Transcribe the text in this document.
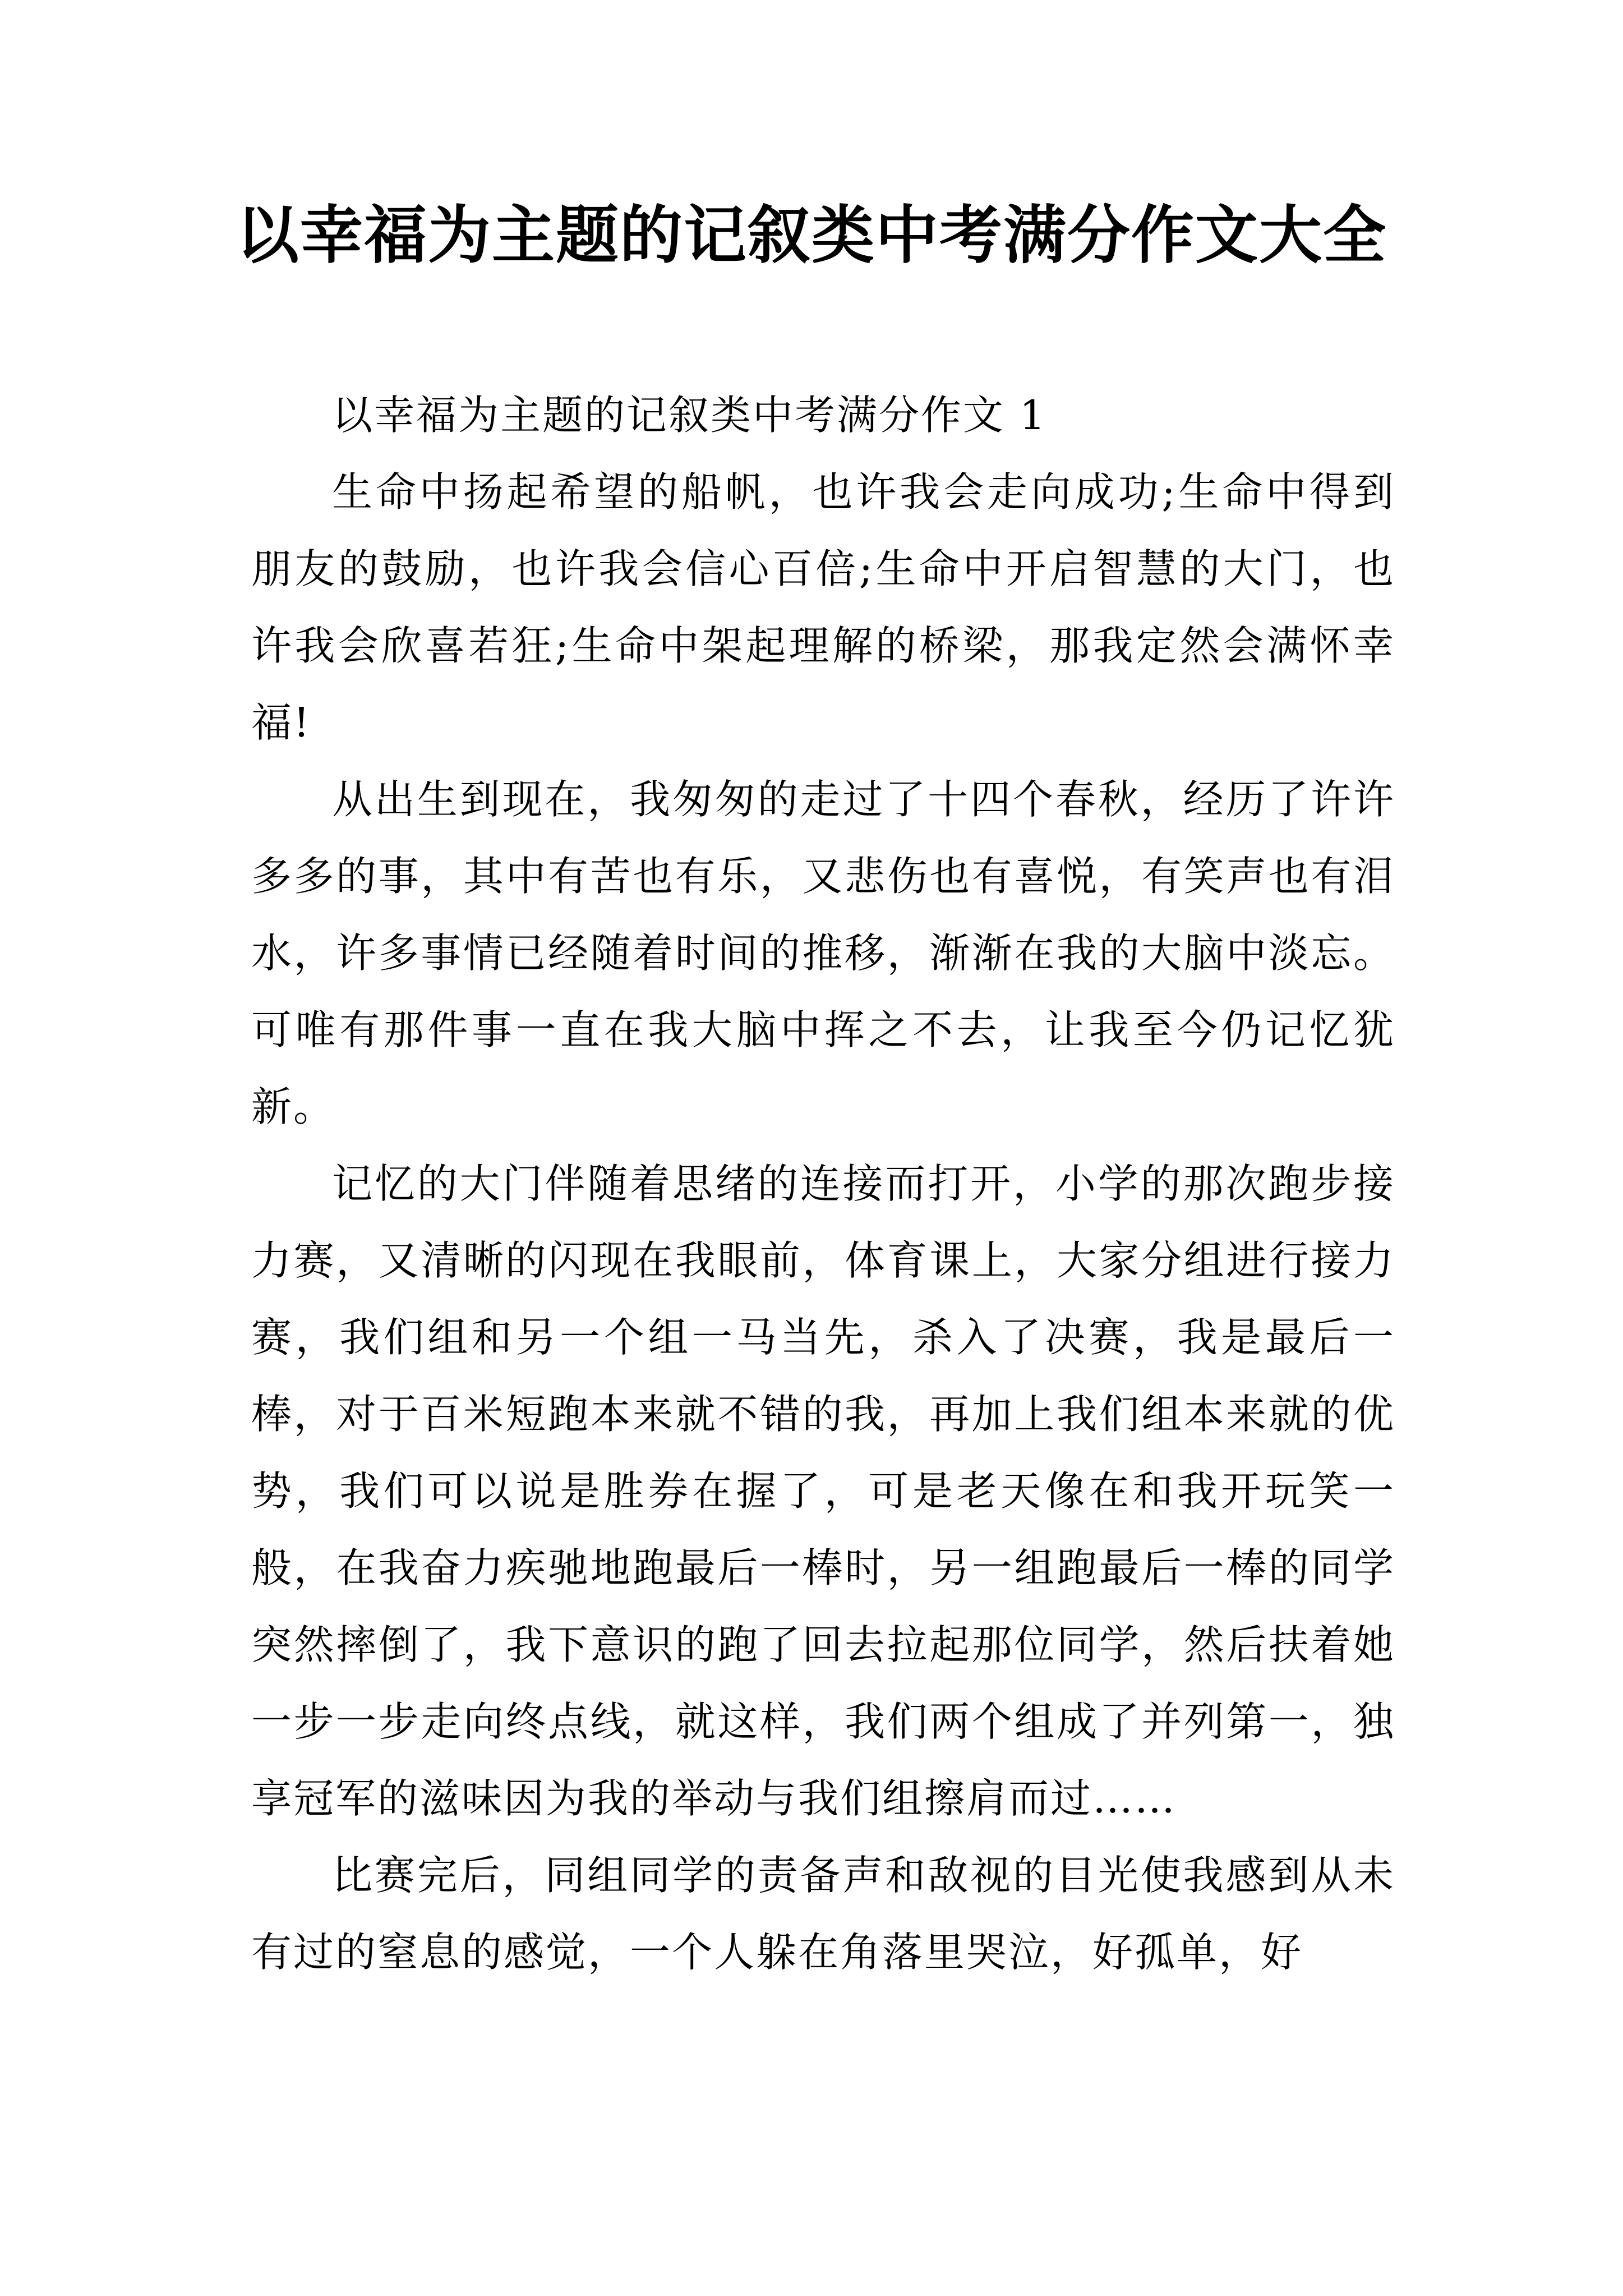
以幸福为主题的记叙类中考满分作文大全

以幸福为主题的记叙类中考满分作文 1

生命中扬起希望的船帆，也许我会走向成功;生命中得到朋友的鼓励，也许我会信心百倍;生命中开启智慧的大门，也许我会欣喜若狂;生命中架起理解的桥梁，那我定然会满怀幸福!

从出生到现在，我匆匆的走过了十四个春秋，经历了许许多多的事，其中有苦也有乐，又悲伤也有喜悦，有笑声也有泪水，许多事情已经随着时间的推移，渐渐在我的大脑中淡忘。可唯有那件事一直在我大脑中挥之不去，让我至今仍记忆犹新。

记忆的大门伴随着思绪的连接而打开，小学的那次跑步接力赛，又清晰的闪现在我眼前，体育课上，大家分组进行接力赛，我们组和另一个组一马当先，杀入了决赛，我是最后一棒，对于百米短跑本来就不错的我，再加上我们组本来就的优势，我们可以说是胜券在握了，可是老天像在和我开玩笑一般，在我奋力疾驰地跑最后一棒时，另一组跑最后一棒的同学突然摔倒了，我下意识的跑了回去拉起那位同学，然后扶着她一步一步走向终点线，就这样，我们两个组成了并列第一，独享冠军的滋味因为我的举动与我们组擦肩而过……

比赛完后，同组同学的责备声和敌视的目光使我感到从未有过的窒息的感觉，一个人躲在角落里哭泣，好孤单，好
